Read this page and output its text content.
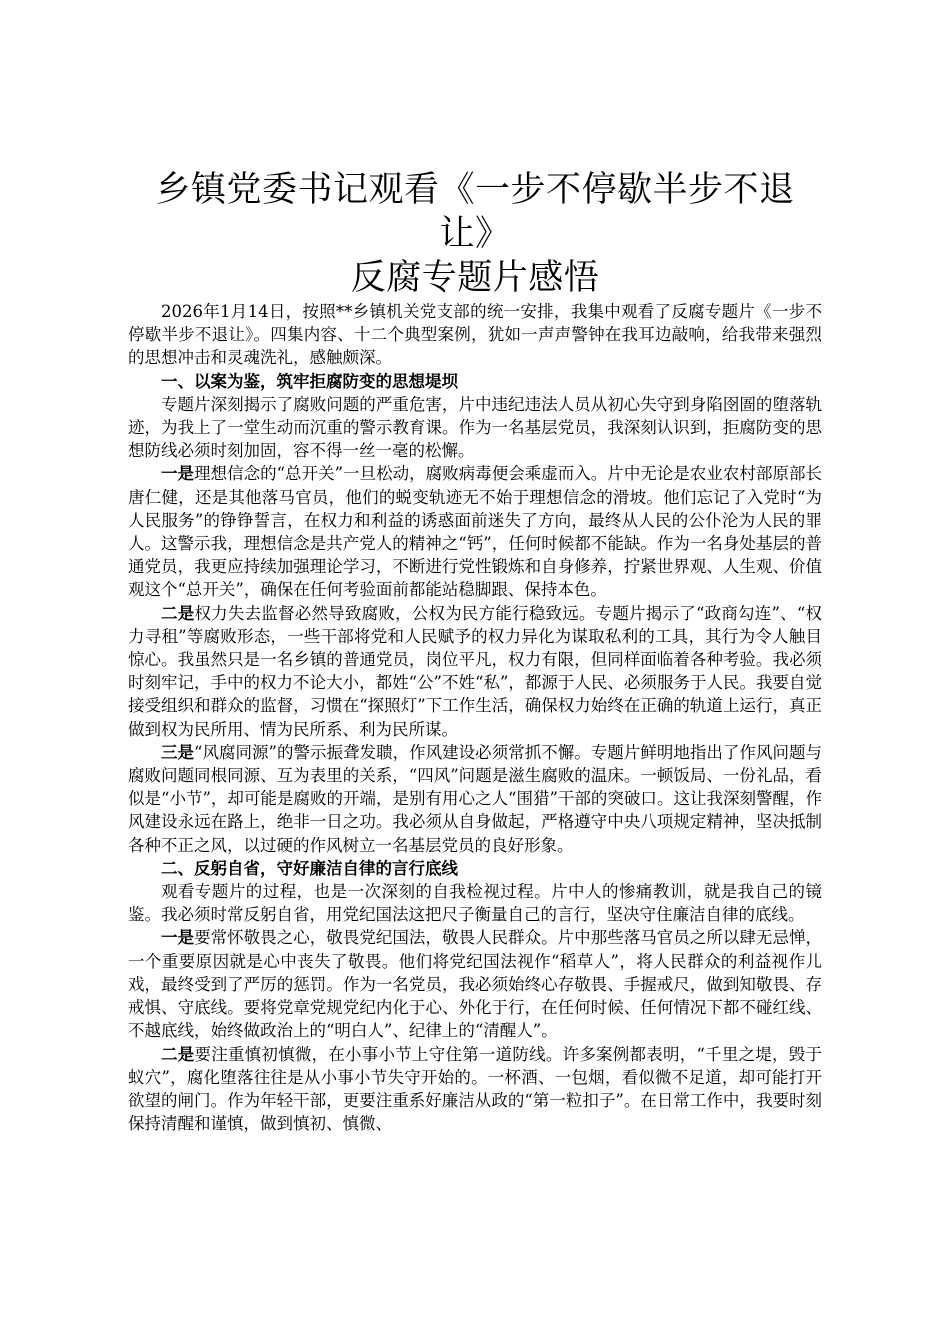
乡镇党委书记观看《一步不停歇半步不退让》
反腐专题片感悟

2026年1月14日，按照**乡镇机关党支部的统一安排，我集中观看了反腐专题片《一步不停歇半步不退让》。四集内容、十二个典型案例，犹如一声声警钟在我耳边敲响，给我带来强烈的思想冲击和灵魂洗礼，感触颇深。

一、以案为鉴，筑牢拒腐防变的思想堤坝

专题片深刻揭示了腐败问题的严重危害，片中违纪违法人员从初心失守到身陷囹圄的堕落轨迹，为我上了一堂生动而沉重的警示教育课。作为一名基层党员，我深刻认识到，拒腐防变的思想防线必须时刻加固，容不得一丝一毫的松懈。

一是理想信念的“总开关”一旦松动，腐败病毒便会乘虚而入。片中无论是农业农村部原部长唐仁健，还是其他落马官员，他们的蜕变轨迹无不始于理想信念的滑坡。他们忘记了入党时“为人民服务”的铮铮誓言，在权力和利益的诱惑面前迷失了方向，最终从人民的公仆沦为人民的罪人。这警示我，理想信念是共产党人的精神之“钙”，任何时候都不能缺。作为一名身处基层的普通党员，我更应持续加强理论学习，不断进行党性锻炼和自身修养，拧紧世界观、人生观、价值观这个“总开关”，确保在任何考验面前都能站稳脚跟、保持本色。

二是权力失去监督必然导致腐败，公权为民方能行稳致远。专题片揭示了“政商勾连”、“权力寻租”等腐败形态，一些干部将党和人民赋予的权力异化为谋取私利的工具，其行为令人触目惊心。我虽然只是一名乡镇的普通党员，岗位平凡，权力有限，但同样面临着各种考验。我必须时刻牢记，手中的权力不论大小，都姓“公”不姓“私”，都源于人民、必须服务于人民。我要自觉接受组织和群众的监督，习惯在“探照灯”下工作生活，确保权力始终在正确的轨道上运行，真正做到权为民所用、情为民所系、利为民所谋。

三是“风腐同源”的警示振聋发聩，作风建设必须常抓不懈。专题片鲜明地指出了作风问题与腐败问题同根同源、互为表里的关系，“四风”问题是滋生腐败的温床。一顿饭局、一份礼品，看似是“小节”，却可能是腐败的开端，是别有用心之人“围猎”干部的突破口。这让我深刻警醒，作风建设永远在路上，绝非一日之功。我必须从自身做起，严格遵守中央八项规定精神，坚决抵制各种不正之风，以过硬的作风树立一名基层党员的良好形象。

二、反躬自省，守好廉洁自律的言行底线

观看专题片的过程，也是一次深刻的自我检视过程。片中人的惨痛教训，就是我自己的镜鉴。我必须时常反躬自省，用党纪国法这把尺子衡量自己的言行，坚决守住廉洁自律的底线。

一是要常怀敬畏之心，敬畏党纪国法，敬畏人民群众。片中那些落马官员之所以肆无忌惮，一个重要原因就是心中丧失了敬畏。他们将党纪国法视作“稻草人”，将人民群众的利益视作儿戏，最终受到了严厉的惩罚。作为一名党员，我必须始终心存敬畏、手握戒尺，做到知敬畏、存戒惧、守底线。要将党章党规党纪内化于心、外化于行，在任何时候、任何情况下都不碰红线、不越底线，始终做政治上的“明白人”、纪律上的“清醒人”。

二是要注重慎初慎微，在小事小节上守住第一道防线。许多案例都表明，“千里之堤，毁于蚁穴”，腐化堕落往往是从小事小节失守开始的。一杯酒、一包烟，看似微不足道，却可能打开欲望的闸门。作为年轻干部，更要注重系好廉洁从政的“第一粒扣子”。在日常工作中，我要时刻保持清醒和谨慎，做到慎初、慎微、
